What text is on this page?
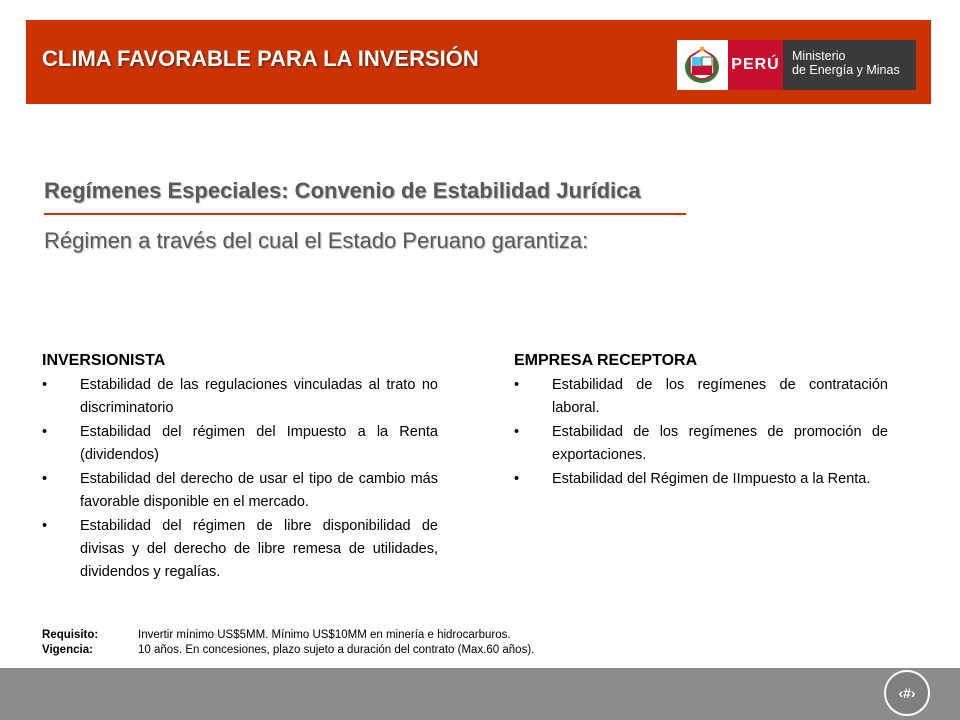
CLIMA FAVORABLE PARA LA INVERSIÓN	PERÚ Ministerio
de Energía y Minas
Regímenes Especiales: Convenio de Estabilidad Jurídica
Régimen a través del cual el Estado Peruano garantiza:
INVERSIONISTA
• Estabilidad de las regulaciones vinculadas al trato no discriminatorio
• Estabilidad del régimen del Impuesto a la Renta (dividendos)
• Estabilidad del derecho de usar el tipo de cambio más favorable disponible en el mercado.
• Estabilidad del régimen de libre disponibilidad de divisas y del derecho de libre remesa de utilidades, dividendos y regalías.
EMPRESA RECEPTORA
• Estabilidad de los regímenes de contratación laboral.
• Estabilidad de los regímenes de promoción de exportaciones.
• Estabilidad del Régimen de IImpuesto a la Renta.
Requisito:	Invertir mínimo US$5MM. Mínimo US$10MM en minería e hidrocarburos.
Vigencia:	10 años. En concesiones, plazo sujeto a duración del contrato (Max.60 años).
‹#›
